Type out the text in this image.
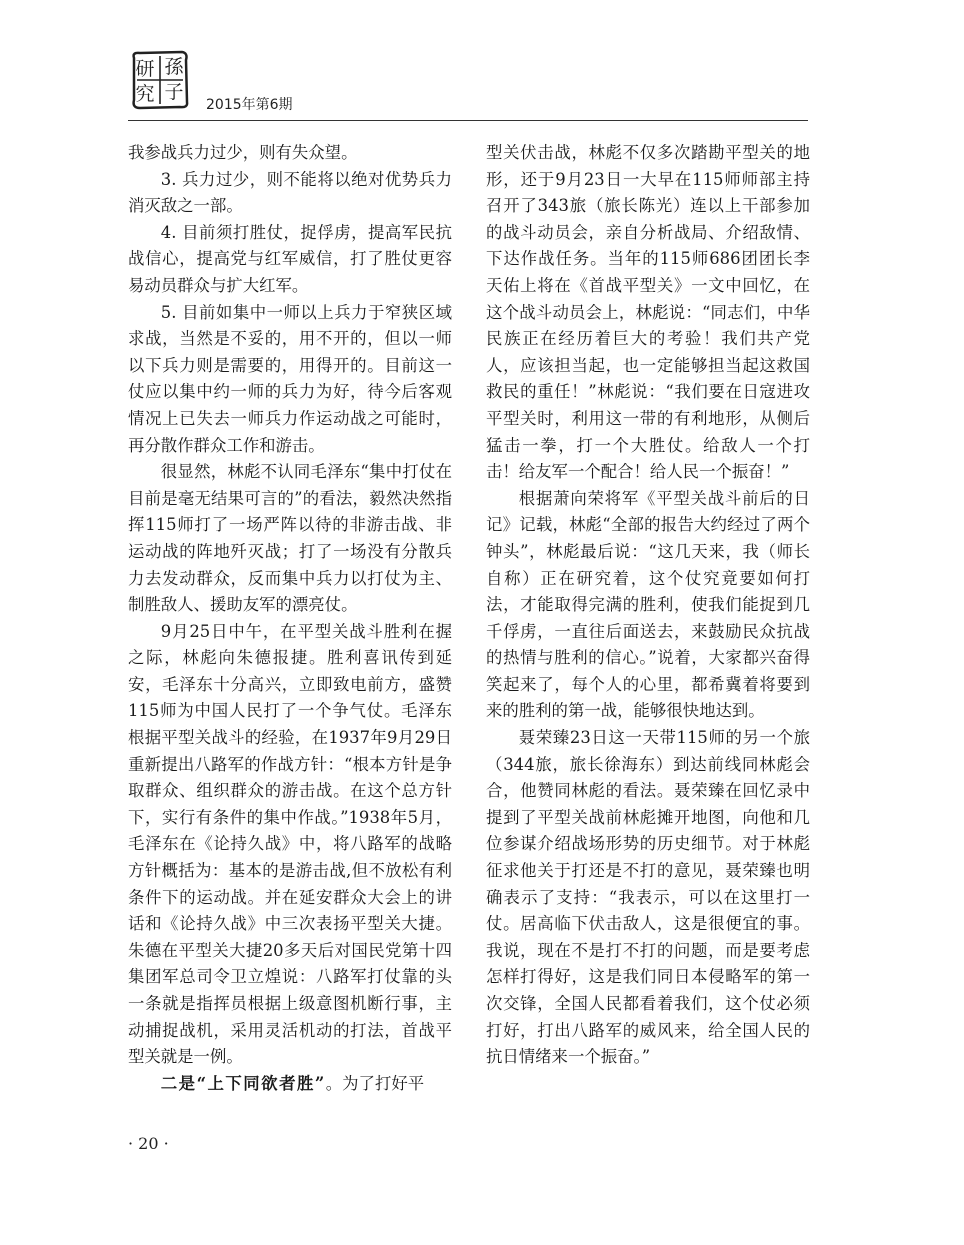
研 孫
究 子
2015年第6期

我参战兵力过少，则有失众望。

3. 兵力过少，则不能将以绝对优势兵力消灭敌之一部。

4. 目前须打胜仗，捉俘虏，提高军民抗战信心，提高党与红军威信，打了胜仗更容易动员群众与扩大红军。

5. 目前如集中一师以上兵力于窄狭区域求战，当然是不妥的，用不开的，但以一师以下兵力则是需要的，用得开的。目前这一仗应以集中约一师的兵力为好，待今后客观情况上已失去一师兵力作运动战之可能时，再分散作群众工作和游击。

很显然，林彪不认同毛泽东“集中打仗在目前是毫无结果可言的”的看法，毅然决然指挥115师打了一场严阵以待的非游击战、非运动战的阵地歼灭战；打了一场没有分散兵力去发动群众，反而集中兵力以打仗为主、制胜敌人、援助友军的漂亮仗。

9月25日中午，在平型关战斗胜利在握之际，林彪向朱德报捷。胜利喜讯传到延安，毛泽东十分高兴，立即致电前方，盛赞115师为中国人民打了一个争气仗。毛泽东根据平型关战斗的经验，在1937年9月29日重新提出八路军的作战方针：“根本方针是争取群众、组织群众的游击战。在这个总方针下，实行有条件的集中作战。”1938年5月，毛泽东在《论持久战》中，将八路军的战略方针概括为：基本的是游击战,但不放松有利条件下的运动战。并在延安群众大会上的讲话和《论持久战》中三次表扬平型关大捷。朱德在平型关大捷20多天后对国民党第十四集团军总司令卫立煌说：八路军打仗靠的头一条就是指挥员根据上级意图机断行事，主动捕捉战机，采用灵活机动的打法，首战平型关就是一例。

二是“上下同欲者胜”。为了打好平

型关伏击战，林彪不仅多次踏勘平型关的地形，还于9月23日一大早在115师师部主持召开了343旅（旅长陈光）连以上干部参加的战斗动员会，亲自分析战局、介绍敌情、下达作战任务。当年的115师686团团长李天佑上将在《首战平型关》一文中回忆，在这个战斗动员会上，林彪说：“同志们，中华民族正在经历着巨大的考验！我们共产党人，应该担当起，也一定能够担当起这救国救民的重任！”林彪说：“我们要在日寇进攻平型关时，利用这一带的有利地形，从侧后猛击一拳，打一个大胜仗。给敌人一个打击！给友军一个配合！给人民一个振奋！”

根据萧向荣将军《平型关战斗前后的日记》记载，林彪“全部的报告大约经过了两个钟头”，林彪最后说：“这几天来，我（师长自称）正在研究着，这个仗究竟要如何打法，才能取得完满的胜利，使我们能捉到几千俘虏，一直往后面送去，来鼓励民众抗战的热情与胜利的信心。”说着，大家都兴奋得笑起来了，每个人的心里，都希冀着将要到来的胜利的第一战，能够很快地达到。

聂荣臻23日这一天带115师的另一个旅（344旅，旅长徐海东）到达前线同林彪会合，他赞同林彪的看法。聂荣臻在回忆录中提到了平型关战前林彪摊开地图，向他和几位参谋介绍战场形势的历史细节。对于林彪征求他关于打还是不打的意见，聂荣臻也明确表示了支持：“我表示，可以在这里打一仗。居高临下伏击敌人，这是很便宜的事。我说，现在不是打不打的问题，而是要考虑怎样打得好，这是我们同日本侵略军的第一次交锋，全国人民都看着我们，这个仗必须打好，打出八路军的威风来，给全国人民的抗日情绪来一个振奋。”

· 20 ·
